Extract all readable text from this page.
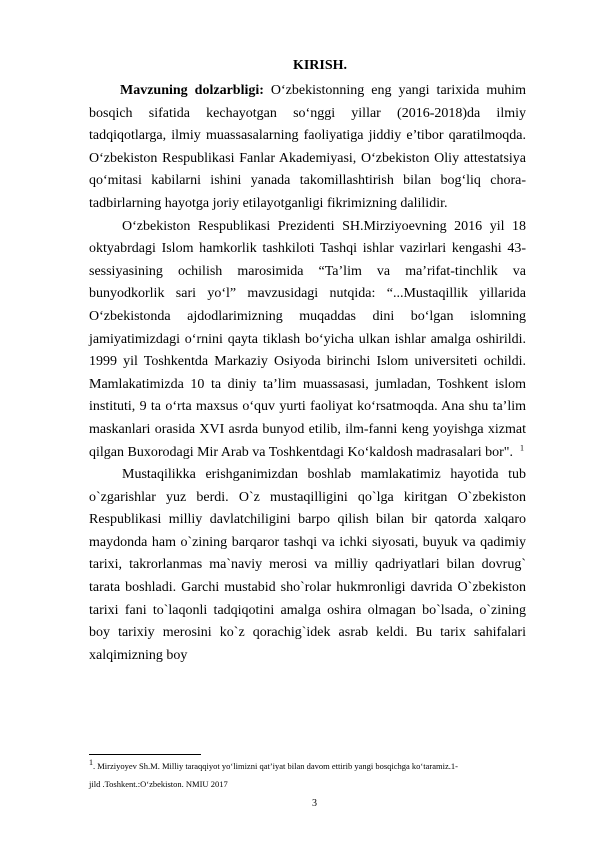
KIRISH.

Mavzuning dolzarbligi: O‘zbekistonning eng yangi tarixida muhim bosqich sifatida kechayotgan so‘nggi yillar (2016-2018)da ilmiy tadqiqotlarga, ilmiy muassasalarning faoliyatiga jiddiy e’tibor qaratilmoqda. O‘zbekiston Respublikasi Fanlar Akademiyasi, O‘zbekiston Oliy attestatsiya qo‘mitasi kabilarni ishini yanada takomillashtirish bilan bog‘liq chora-tadbirlarning hayotga joriy etilayotganligi fikrimizning dalilidir.

O‘zbekiston Respublikasi Prezidenti SH.Mirziyoevning 2016 yil 18 oktyabrdagi Islom hamkorlik tashkiloti Tashqi ishlar vazirlari kengashi 43-sessiyasining ochilish marosimida “Ta’lim va ma’rifat-tinchlik va bunyodkorlik sari yo‘l” mavzusidagi nutqida: “...Mustaqillik yillarida O‘zbekistonda ajdodlarimizning muqaddas dini bo‘lgan islomning jamiyatimizdagi o‘rnini qayta tiklash bo‘yicha ulkan ishlar amalga oshirildi. 1999 yil Toshkentda Markaziy Osiyoda birinchi Islom universiteti ochildi. Mamlakatimizda 10 ta diniy ta’lim muassasasi, jumladan, Toshkent islom instituti, 9 ta o‘rta maxsus o‘quv yurti faoliyat ko‘rsatmoqda. Ana shu ta’lim maskanlari orasida XVI asrda bunyod etilib, ilm-fanni keng yoyishga xizmat qilgan Buxorodagi Mir Arab va Toshkentdagi Ko‘kaldosh madrasalari bor". $^1$

Mustaqilikka erishganimizdan boshlab mamlakatimiz hayotida tub o`zgarishlar yuz berdi. O`z mustaqilligini qo`lga kiritgan O`zbekiston Respublikasi milliy davlatchiligini barpo qilish bilan bir qatorda xalqaro maydonda ham o`zining barqaror tashqi va ichki siyosati, buyuk va qadimiy tarixi, takrorlanmas ma`naviy merosi va milliy qadriyatlari bilan dovrug` tarata boshladi. Garchi mustabid sho`rolar hukmronligi davrida O`zbekiston tarixi fani to`laqonli tadqiqotini amalga oshira olmagan bo`lsada, o`zining boy tarixiy merosini ko`z qorachig`idek asrab keldi. Bu tarix sahifalari xalqimizning boy

$^1$. Mirziyoyev Sh.M. Milliy taraqqiyot yo‘limizni qat’iyat bilan davom ettirib yangi bosqichga ko‘taramiz.1-
jild .Toshkent.:O‘zbekiston. NMIU 2017
3
